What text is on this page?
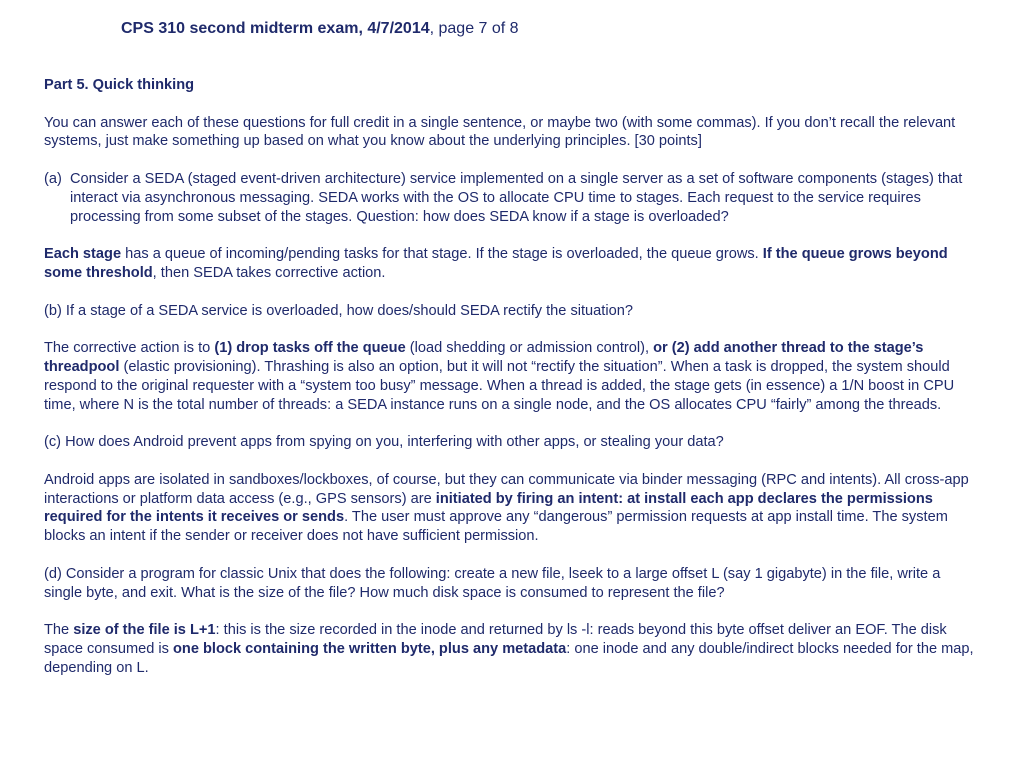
CPS 310 second midterm exam, 4/7/2014, page 7 of 8

Part 5. Quick thinking

You can answer each of these questions for full credit in a single sentence, or maybe two (with some commas). If you don’t recall the relevant systems, just make something up based on what you know about the underlying principles. [30 points]

(a) Consider a SEDA (staged event-driven architecture) service implemented on a single server as a set of software components (stages) that interact via asynchronous messaging. SEDA works with the OS to allocate CPU time to stages. Each request to the service requires processing from some subset of the stages. Question: how does SEDA know if a stage is overloaded?

Each stage has a queue of incoming/pending tasks for that stage. If the stage is overloaded, the queue grows. If the queue grows beyond some threshold, then SEDA takes corrective action.

(b) If a stage of a SEDA service is overloaded, how does/should SEDA rectify the situation?

The corrective action is to (1) drop tasks off the queue (load shedding or admission control), or (2) add another thread to the stage’s threadpool (elastic provisioning). Thrashing is also an option, but it will not “rectify the situation”. When a task is dropped, the system should respond to the original requester with a “system too busy” message. When a thread is added, the stage gets (in essence) a 1/N boost in CPU time, where N is the total number of threads: a SEDA instance runs on a single node, and the OS allocates CPU “fairly” among the threads.

(c) How does Android prevent apps from spying on you, interfering with other apps, or stealing your data?

Android apps are isolated in sandboxes/lockboxes, of course, but they can communicate via binder messaging (RPC and intents). All cross-app interactions or platform data access (e.g., GPS sensors) are initiated by firing an intent: at install each app declares the permissions required for the intents it receives or sends. The user must approve any “dangerous” permission requests at app install time. The system blocks an intent if the sender or receiver does not have sufficient permission.

(d) Consider a program for classic Unix that does the following: create a new file, lseek to a large offset L (say 1 gigabyte) in the file, write a single byte, and exit. What is the size of the file? How much disk space is consumed to represent the file?

The size of the file is L+1: this is the size recorded in the inode and returned by ls -l: reads beyond this byte offset deliver an EOF. The disk space consumed is one block containing the written byte, plus any metadata: one inode and any double/indirect blocks needed for the map, depending on L.
